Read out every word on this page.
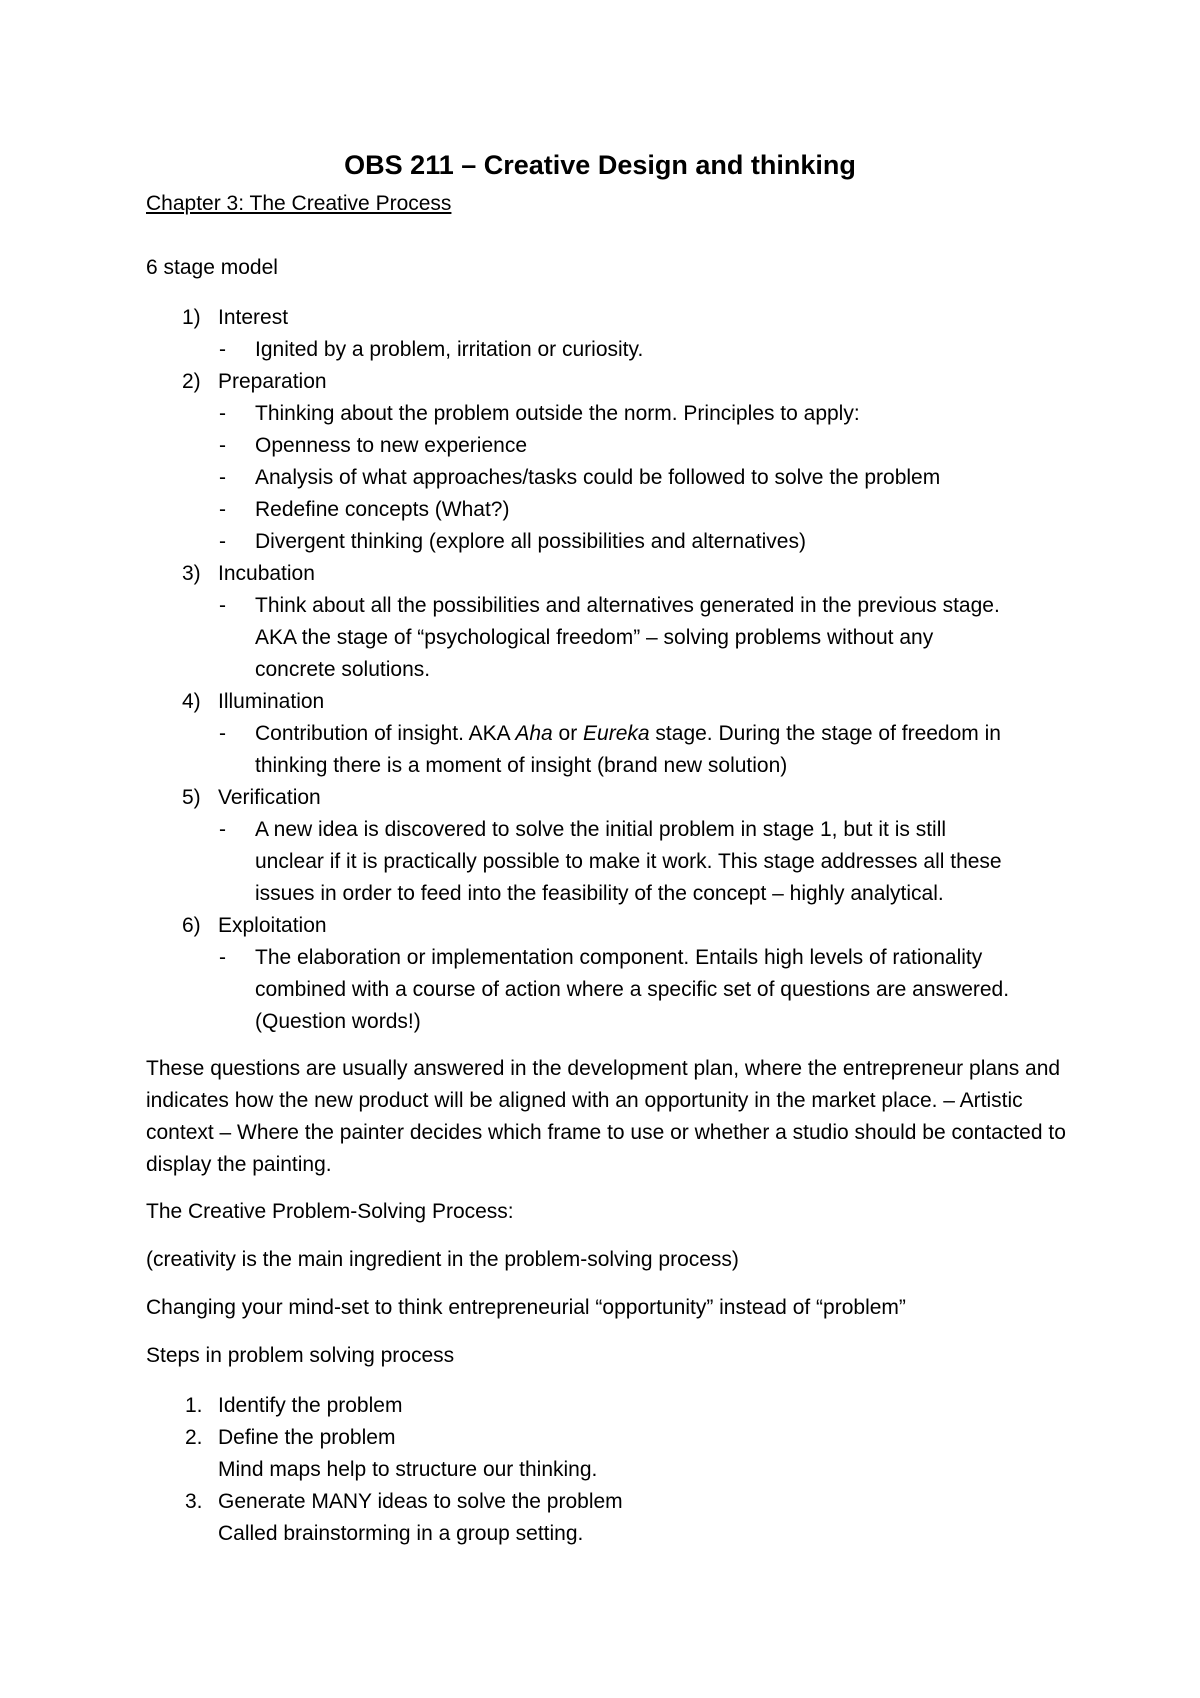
OBS 211 – Creative Design and thinking
Chapter 3: The Creative Process
6 stage model
1) Interest
- Ignited by a problem, irritation or curiosity.
2) Preparation
- Thinking about the problem outside the norm. Principles to apply:
- Openness to new experience
- Analysis of what approaches/tasks could be followed to solve the problem
- Redefine concepts (What?)
- Divergent thinking (explore all possibilities and alternatives)
3) Incubation
- Think about all the possibilities and alternatives generated in the previous stage.
AKA the stage of “psychological freedom” – solving problems without any
concrete solutions.
4) Illumination
- Contribution of insight. AKA Aha or Eureka stage. During the stage of freedom in
thinking there is a moment of insight (brand new solution)
5) Verification
- A new idea is discovered to solve the initial problem in stage 1, but it is still
unclear if it is practically possible to make it work. This stage addresses all these
issues in order to feed into the feasibility of the concept – highly analytical.
6) Exploitation
- The elaboration or implementation component. Entails high levels of rationality
combined with a course of action where a specific set of questions are answered.
(Question words!)
These questions are usually answered in the development plan, where the entrepreneur plans and indicates how the new product will be aligned with an opportunity in the market place. – Artistic context – Where the painter decides which frame to use or whether a studio should be contacted to display the painting.
The Creative Problem-Solving Process:
(creativity is the main ingredient in the problem-solving process)
Changing your mind-set to think entrepreneurial “opportunity” instead of “problem”
Steps in problem solving process
1. Identify the problem
2. Define the problem
Mind maps help to structure our thinking.
3. Generate MANY ideas to solve the problem
Called brainstorming in a group setting.
